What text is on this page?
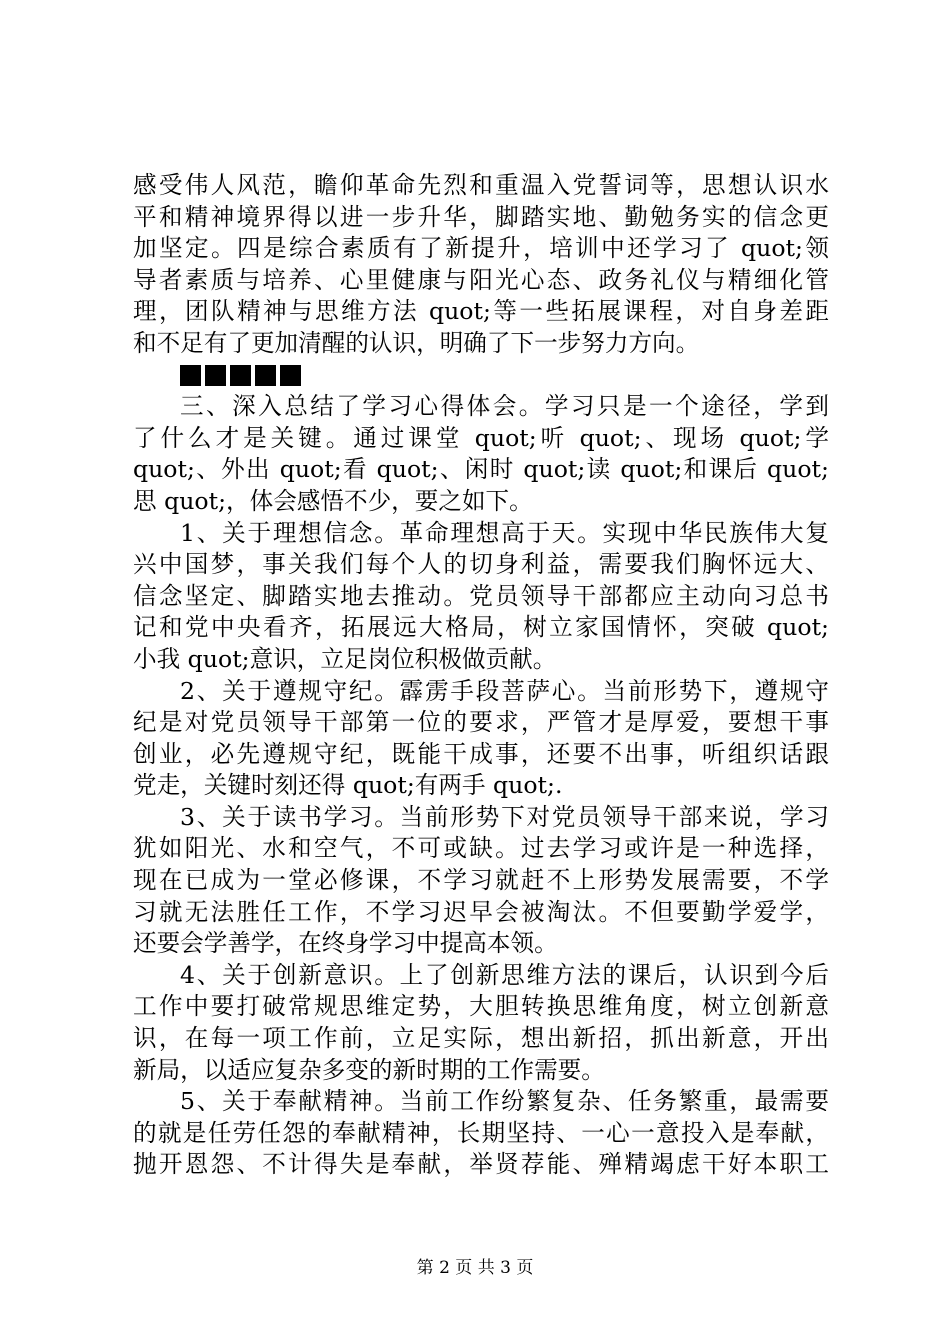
感受伟人风范，瞻仰革命先烈和重温入党誓词等，思想认识水
平和精神境界得以进一步升华，脚踏实地、勤勉务实的信念更
加坚定。四是综合素质有了新提升，培训中还学习了 quot;领
导者素质与培养、心里健康与阳光心态、政务礼仪与精细化管
理，团队精神与思维方法 quot;等一些拓展课程，对自身差距
和不足有了更加清醒的认识，明确了下一步努力方向。
三、深入总结了学习心得体会。学习只是一个途径，学到
了什么才是关键。通过课堂 quot;听 quot;、现场 quot;学
quot;、外出 quot;看 quot;、闲时 quot;读 quot;和课后 quot;
思 quot;，体会感悟不少，要之如下。
1、关于理想信念。革命理想高于天。实现中华民族伟大复
兴中国梦，事关我们每个人的切身利益，需要我们胸怀远大、
信念坚定、脚踏实地去推动。党员领导干部都应主动向习总书
记和党中央看齐，拓展远大格局，树立家国情怀，突破 quot;
小我 quot;意识，立足岗位积极做贡献。
2、关于遵规守纪。霹雳手段菩萨心。当前形势下，遵规守
纪是对党员领导干部第一位的要求，严管才是厚爱，要想干事
创业，必先遵规守纪，既能干成事，还要不出事，听组织话跟
党走，关键时刻还得 quot;有两手 quot;.
3、关于读书学习。当前形势下对党员领导干部来说，学习
犹如阳光、水和空气，不可或缺。过去学习或许是一种选择，
现在已成为一堂必修课，不学习就赶不上形势发展需要，不学
习就无法胜任工作，不学习迟早会被淘汰。不但要勤学爱学，
还要会学善学，在终身学习中提高本领。
4、关于创新意识。上了创新思维方法的课后，认识到今后
工作中要打破常规思维定势，大胆转换思维角度，树立创新意
识，在每一项工作前，立足实际，想出新招，抓出新意，开出
新局，以适应复杂多变的新时期的工作需要。
5、关于奉献精神。当前工作纷繁复杂、任务繁重，最需要
的就是任劳任怨的奉献精神，长期坚持、一心一意投入是奉献，
抛开恩怨、不计得失是奉献，举贤荐能、殚精竭虑干好本职工
第 2 页 共 3 页
